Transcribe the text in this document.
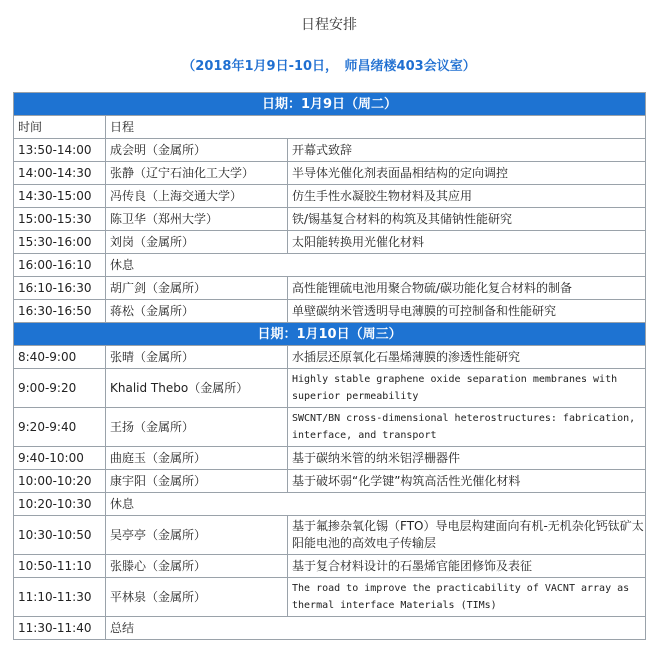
日程安排
（2018年1月9日-10日，　师昌绪楼403会议室）
日期：1月9日（周二）		
时间	日程	
13:50-14:00	成会明（金属所）	开幕式致辞
14:00-14:30	张静（辽宁石油化工大学）	半导体光催化剂表面晶相结构的定向调控
14:30-15:00	冯传良（上海交通大学）	仿生手性水凝胶生物材料及其应用
15:00-15:30	陈卫华（郑州大学）	铁/锡基复合材料的构筑及其储钠性能研究
15:30-16:00	刘岗（金属所）	太阳能转换用光催化材料
16:00-16:10	休息	
16:10-16:30	胡广剑（金属所）	高性能锂硫电池用聚合物硫/碳功能化复合材料的制备
16:30-16:50	蒋松（金属所）	单壁碳纳米管透明导电薄膜的可控制备和性能研究
日期：1月10日（周三）		
8:40-9:00	张晴（金属所）	水插层还原氧化石墨烯薄膜的渗透性能研究
9:00-9:20	Khalid Thebo（金属所）	Highly stable graphene oxide separation membranes with superior permeability
9:20-9:40	王扬（金属所）	SWCNT/BN cross-dimensional heterostructures: fabrication, interface, and transport
9:40-10:00	曲庭玉（金属所）	基于碳纳米管的纳米铝浮栅器件
10:00-10:20	康宇阳（金属所）	基于破坏弱“化学键”构筑高活性光催化材料
10:20-10:30	休息	
10:30-10:50	吴亭亭（金属所）	基于氟掺杂氧化锡（FTO）导电层构建面向有机-无机杂化钙钛矿太阳能电池的高效电子传输层
10:50-11:10	张滕心（金属所）	基于复合材料设计的石墨烯官能团修饰及表征
11:10-11:30	平林泉（金属所）	The road to improve the practicability of VACNT array as thermal interface Materials (TIMs)
11:30-11:40	总结	
